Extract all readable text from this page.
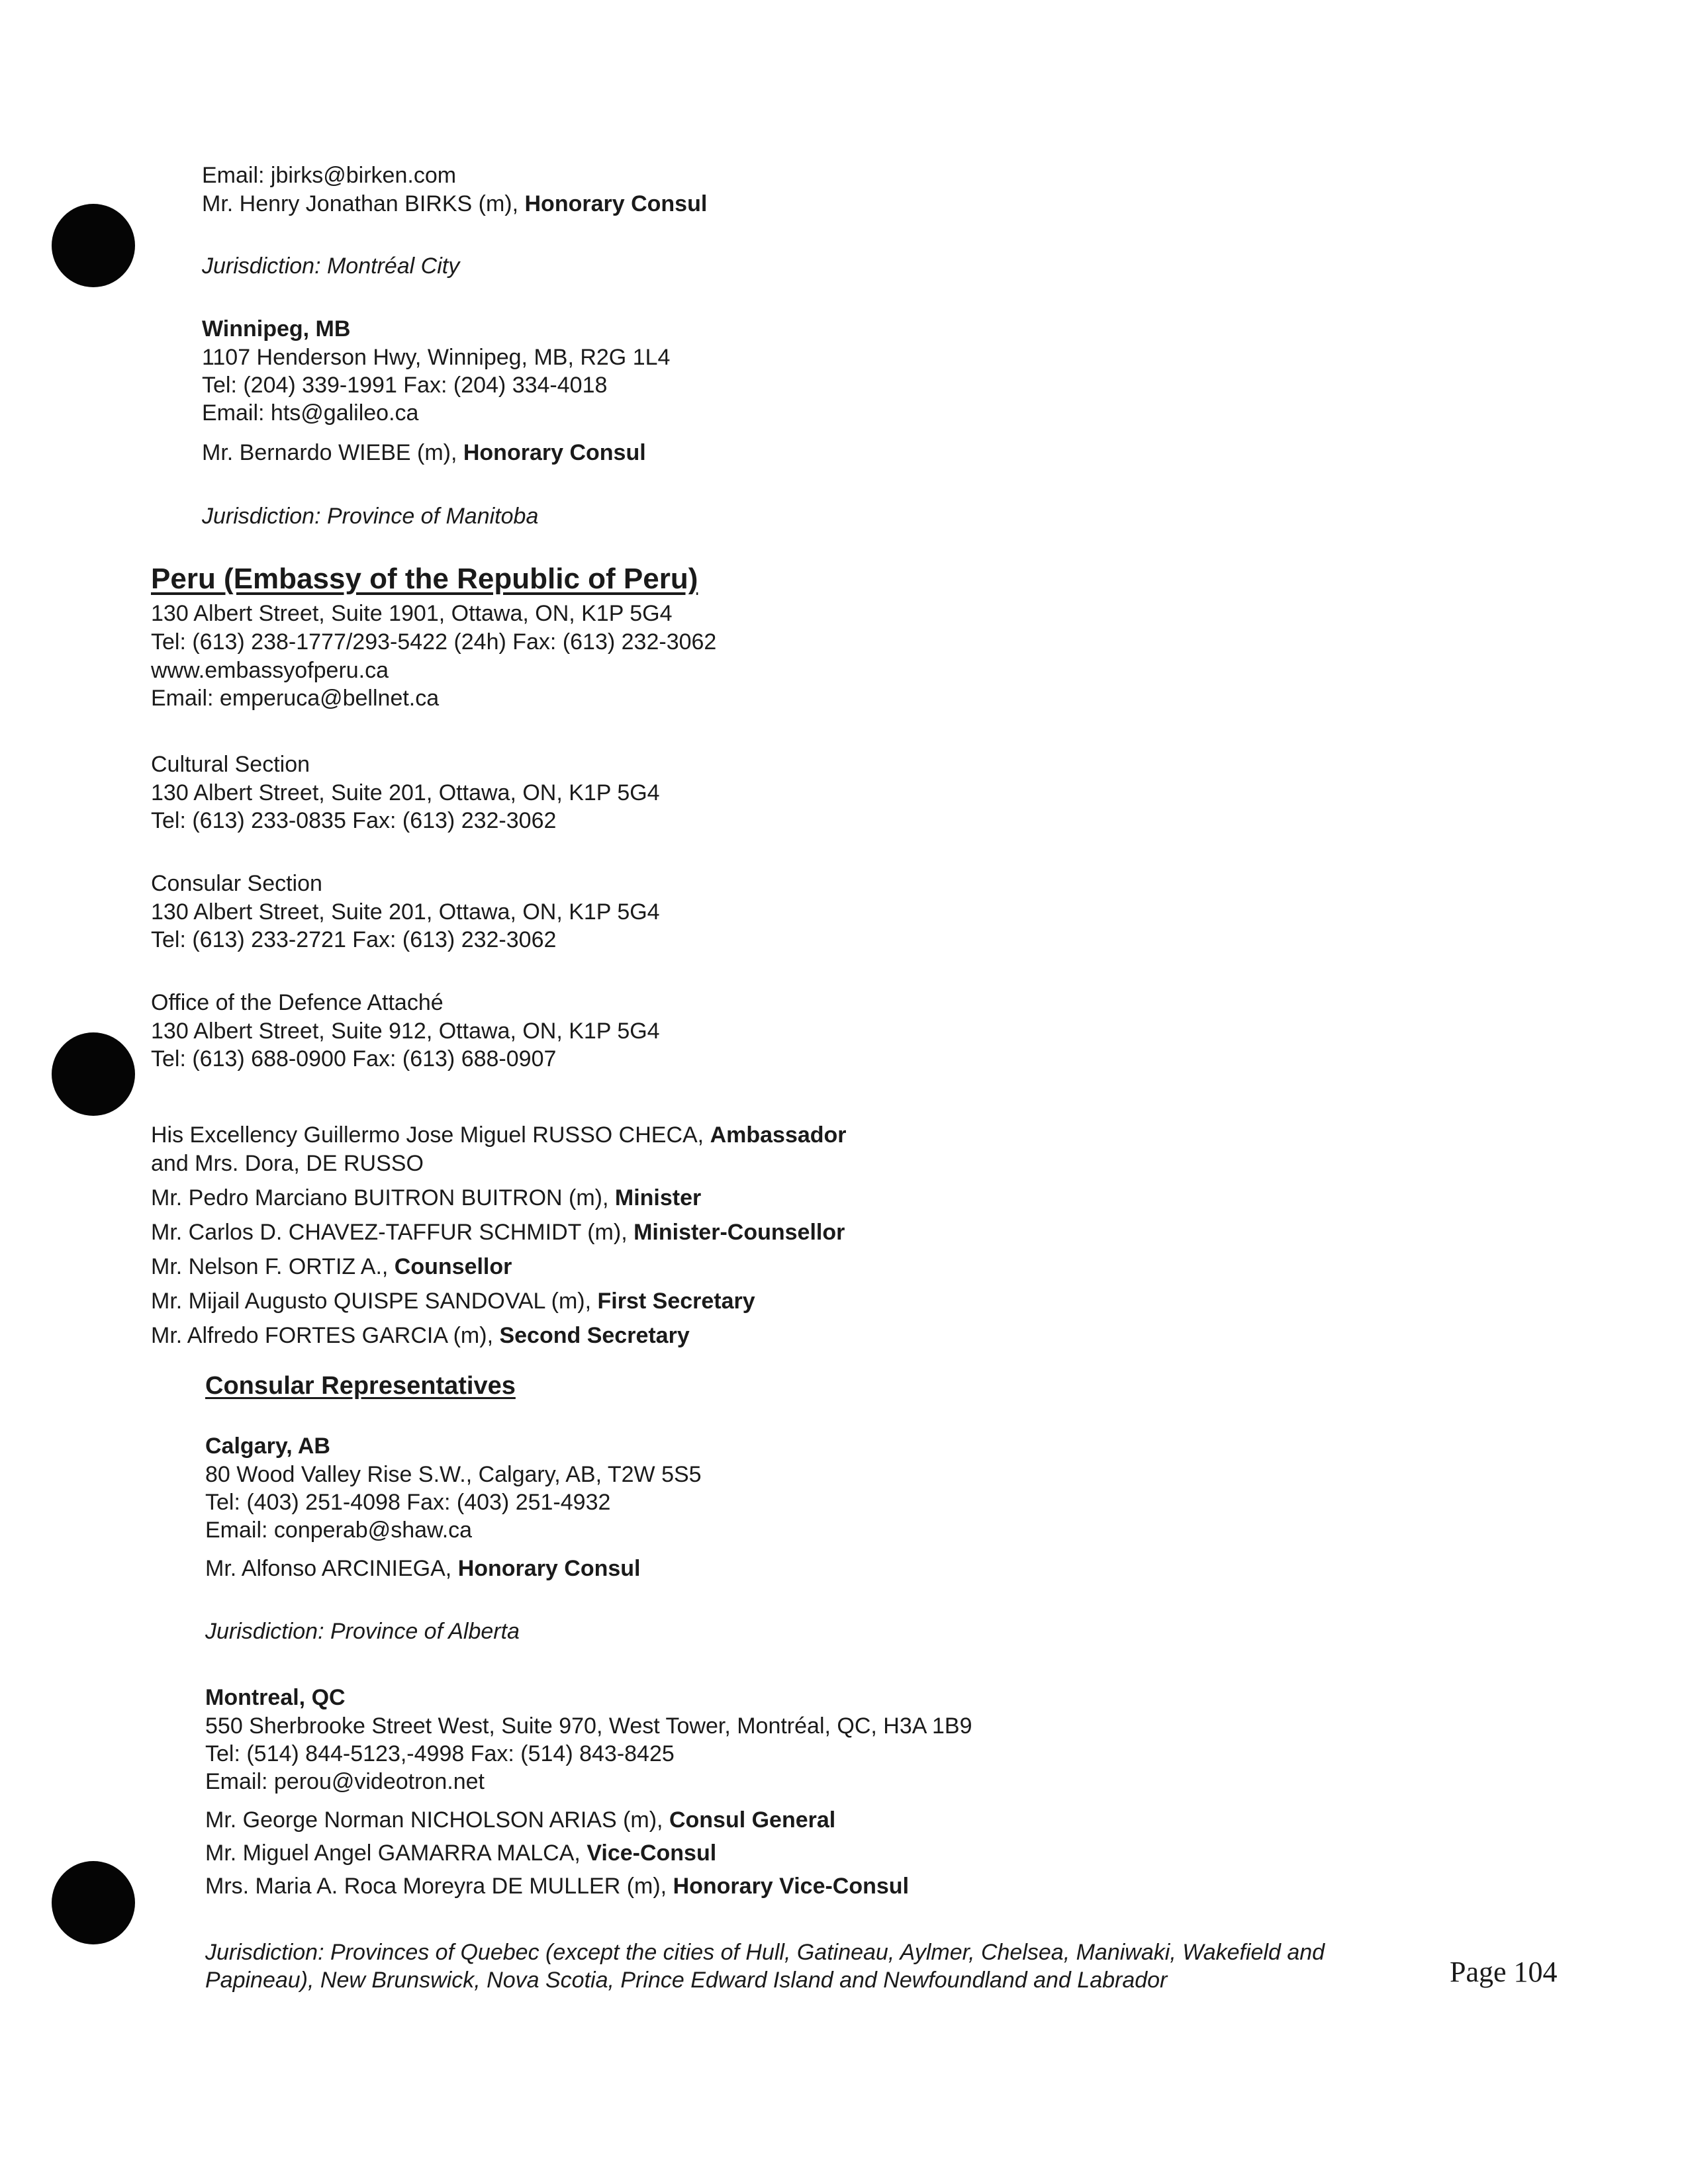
Email: jbirks@birken.com
Mr. Henry Jonathan BIRKS (m), Honorary Consul
Jurisdiction: Montréal City
Winnipeg, MB
1107 Henderson Hwy, Winnipeg, MB, R2G 1L4
Tel: (204) 339-1991 Fax: (204) 334-4018
Email: hts@galileo.ca
Mr. Bernardo WIEBE (m), Honorary Consul
Jurisdiction: Province of Manitoba
Peru (Embassy of the Republic of Peru)
130 Albert Street, Suite 1901, Ottawa, ON, K1P 5G4
Tel: (613) 238-1777/293-5422 (24h) Fax: (613) 232-3062
www.embassyofperu.ca
Email: emperuca@bellnet.ca
Cultural Section
130 Albert Street, Suite 201, Ottawa, ON, K1P 5G4
Tel: (613) 233-0835 Fax: (613) 232-3062
Consular Section
130 Albert Street, Suite 201, Ottawa, ON, K1P 5G4
Tel: (613) 233-2721 Fax: (613) 232-3062
Office of the Defence Attaché
130 Albert Street, Suite 912, Ottawa, ON, K1P 5G4
Tel: (613) 688-0900 Fax: (613) 688-0907
His Excellency Guillermo Jose Miguel RUSSO CHECA, Ambassador
and Mrs. Dora, DE RUSSO
Mr. Pedro Marciano BUITRON BUITRON (m), Minister
Mr. Carlos D. CHAVEZ-TAFFUR SCHMIDT (m), Minister-Counsellor
Mr. Nelson F. ORTIZ A., Counsellor
Mr. Mijail Augusto QUISPE SANDOVAL (m), First Secretary
Mr. Alfredo FORTES GARCIA (m), Second Secretary
Consular Representatives
Calgary, AB
80 Wood Valley Rise S.W., Calgary, AB, T2W 5S5
Tel: (403) 251-4098 Fax: (403) 251-4932
Email: conperab@shaw.ca
Mr. Alfonso ARCINIEGA, Honorary Consul
Jurisdiction: Province of Alberta
Montreal, QC
550 Sherbrooke Street West, Suite 970, West Tower, Montréal, QC, H3A 1B9
Tel: (514) 844-5123,-4998 Fax: (514) 843-8425
Email: perou@videotron.net
Mr. George Norman NICHOLSON ARIAS (m), Consul General
Mr. Miguel Angel GAMARRA MALCA, Vice-Consul
Mrs. Maria A. Roca Moreyra DE MULLER (m), Honorary Vice-Consul
Jurisdiction: Provinces of Quebec (except the cities of Hull, Gatineau, Aylmer, Chelsea, Maniwaki, Wakefield and
Papineau), New Brunswick, Nova Scotia, Prince Edward Island and Newfoundland and Labrador	Page 104
